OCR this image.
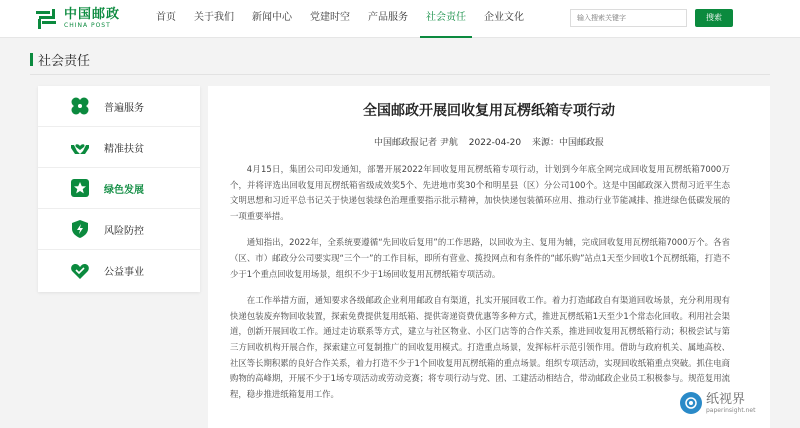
中国邮政
CHINA POST
首页	关于我们	新闻中心	党建时空	产品服务	社会责任	企业文化
输入搜索关键字	搜索
社会责任
普遍服务
精准扶贫
绿色发展
风险防控
公益事业
全国邮政开展回收复用瓦楞纸箱专项行动
中国邮政报记者 尹航 2022-04-20 来源：中国邮政报

4月15日，集团公司印发通知，部署开展2022年回收复用瓦楞纸箱专项行动，计划到今年底全网完成回收复用瓦楞纸箱7000万个，并将评选出回收复用瓦楞纸箱省级成效奖5个、先进地市奖30个和明星县（区）分公司100个。这是中国邮政深入贯彻习近平生态文明思想和习近平总书记关于快递包装绿色治理重要指示批示精神，加快快递包装循环应用、推动行业节能减排、推进绿色低碳发展的一项重要举措。

通知指出，2022年，全系统要遵循“先回收后复用”的工作思路，以回收为主、复用为辅，完成回收复用瓦楞纸箱7000万个。各省（区、市）邮政分公司要实现“三个一”的工作目标，即所有营业、揽投网点和有条件的“邮乐购”站点1天至少回收1个瓦楞纸箱，打造不少于1个重点回收复用场景，组织不少于1场回收复用瓦楞纸箱专项活动。

在工作举措方面，通知要求各级邮政企业利用邮政自有渠道，扎实开展回收工作。着力打造邮政自有渠道回收场景，充分利用现有快递包装废弃物回收装置，探索免费提供复用纸箱、提供寄递资费优惠等多种方式，推进瓦楞纸箱1天至少1个常态化回收。利用社会渠道，创新开展回收工作。通过走访联系等方式，建立与社区物业、小区门店等的合作关系，推进回收复用瓦楞纸箱行动；积极尝试与第三方回收机构开展合作，探索建立可复制推广的回收复用模式。打造重点场景，发挥标杆示范引领作用。借助与政府机关、属地高校、社区等长期积累的良好合作关系，着力打造不少于1个回收复用瓦楞纸箱的重点场景。组织专项活动，实现回收纸箱重点突破。抓住电商购物的高峰期，开展不少于1场专项活动或劳动竞赛；将专项行动与党、团、工建活动相结合，带动邮政企业员工积极参与。规范复用流程，稳步推进纸箱复用工作。	纸视界
paperinsight.net
